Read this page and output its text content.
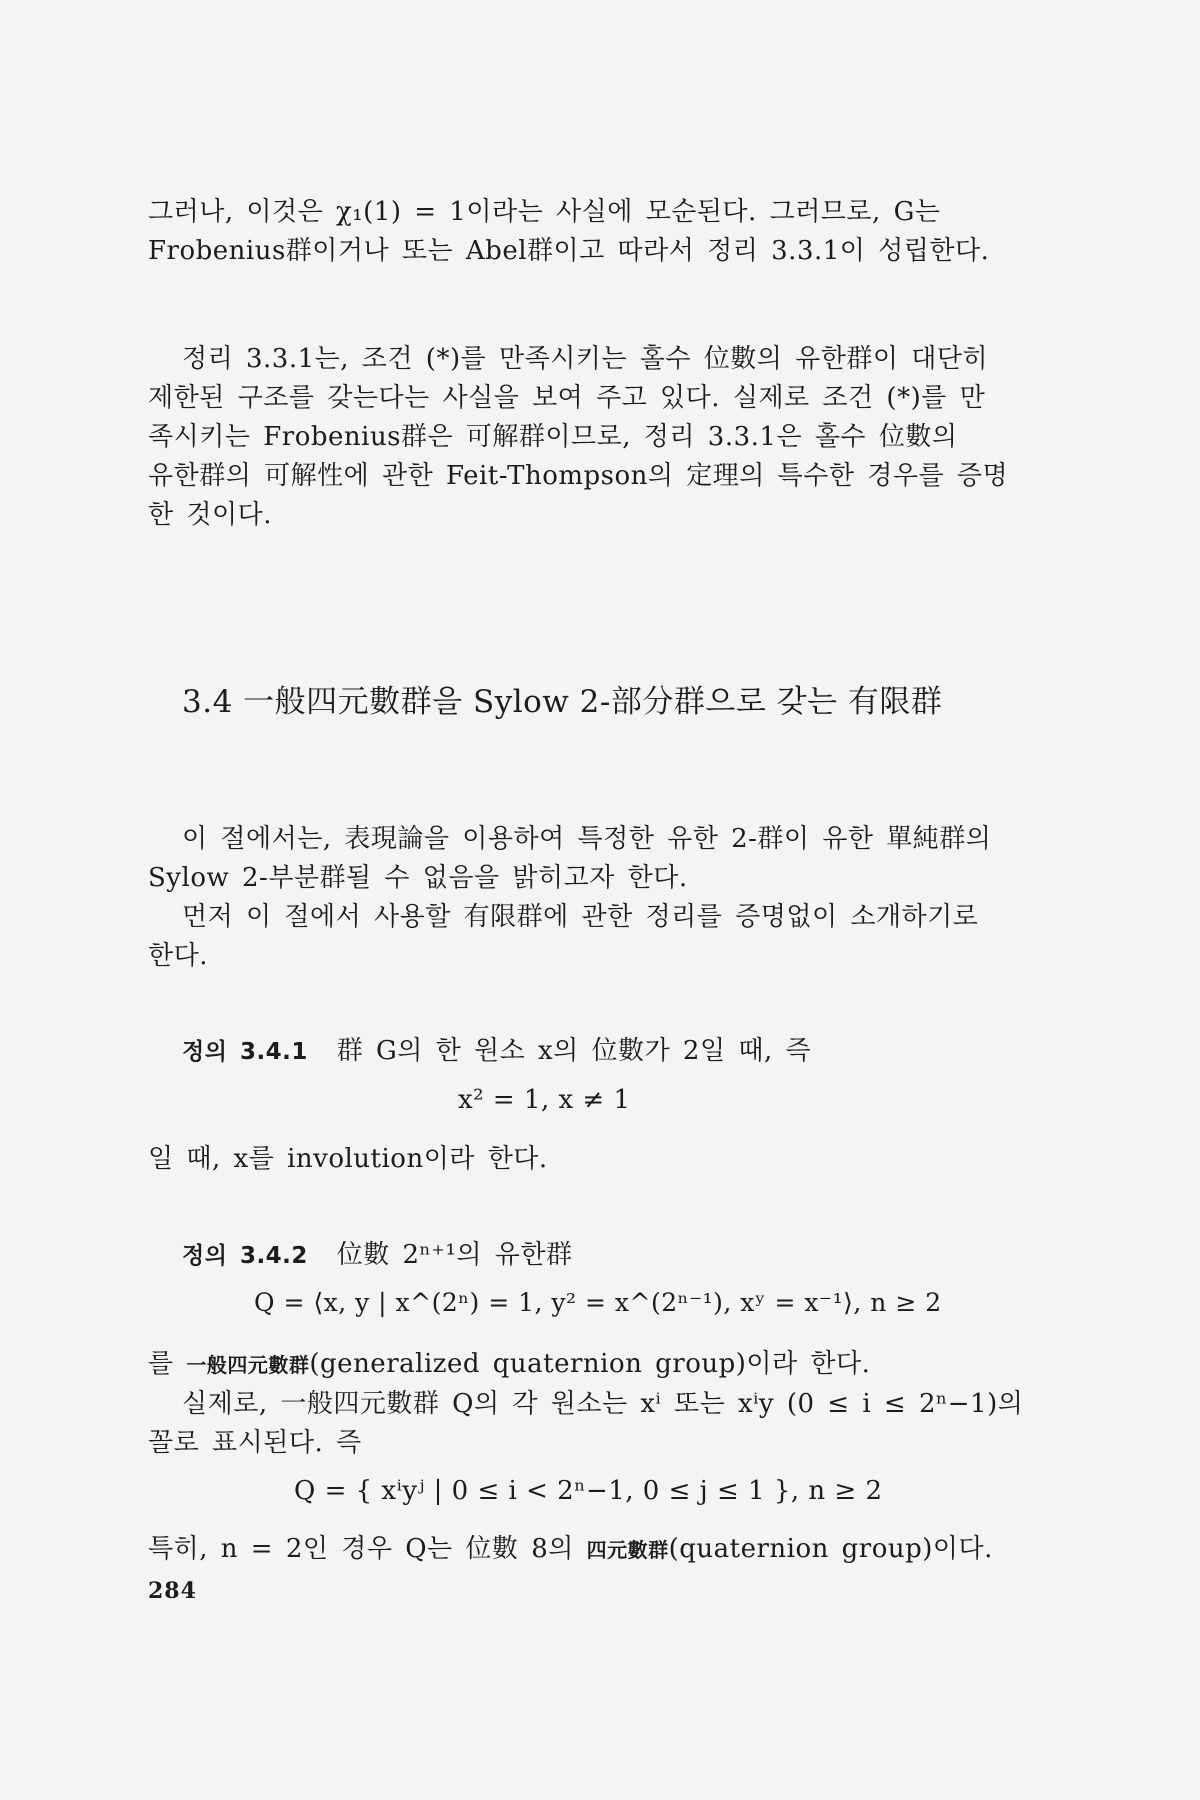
그러나, 이것은 χ₁(1) = 1이라는 사실에 모순된다. 그러므로, G는
Frobenius群이거나 또는 Abel群이고 따라서 정리 3.3.1이 성립한다.
정리 3.3.1는, 조건 (*)를 만족시키는 홀수 位數의 유한群이 대단히
제한된 구조를 갖는다는 사실을 보여 주고 있다. 실제로 조건 (*)를 만
족시키는 Frobenius群은 可解群이므로, 정리 3.3.1은 홀수 位數의
유한群의 可解性에 관한 Feit-Thompson의 定理의 특수한 경우를 증명
한 것이다.
3.4 一般四元數群을 Sylow 2-部分群으로 갖는 有限群
이 절에서는, 表現論을 이용하여 특정한 유한 2-群이 유한 單純群의
Sylow 2-부분群될 수 없음을 밝히고자 한다.
먼저 이 절에서 사용할 有限群에 관한 정리를 증명없이 소개하기로
한다.
정의 3.4.1 群 G의 한 원소 x의 位數가 2일 때, 즉
x² = 1, x ≠ 1
일 때, x를 involution이라 한다.
정의 3.4.2 位數 2ⁿ⁺¹의 유한群
Q = ⟨x, y | x^(2ⁿ) = 1, y² = x^(2ⁿ⁻¹), xʸ = x⁻¹⟩, n ≥ 2
를 一般四元數群(generalized quaternion group)이라 한다.
실제로, 一般四元數群 Q의 각 원소는 xⁱ 또는 xⁱy (0 ≤ i ≤ 2ⁿ−1)의
꼴로 표시된다. 즉
Q = { xⁱyʲ | 0 ≤ i < 2ⁿ−1, 0 ≤ j ≤ 1 }, n ≥ 2
특히, n = 2인 경우 Q는 位數 8의 四元數群(quaternion group)이다.
284
